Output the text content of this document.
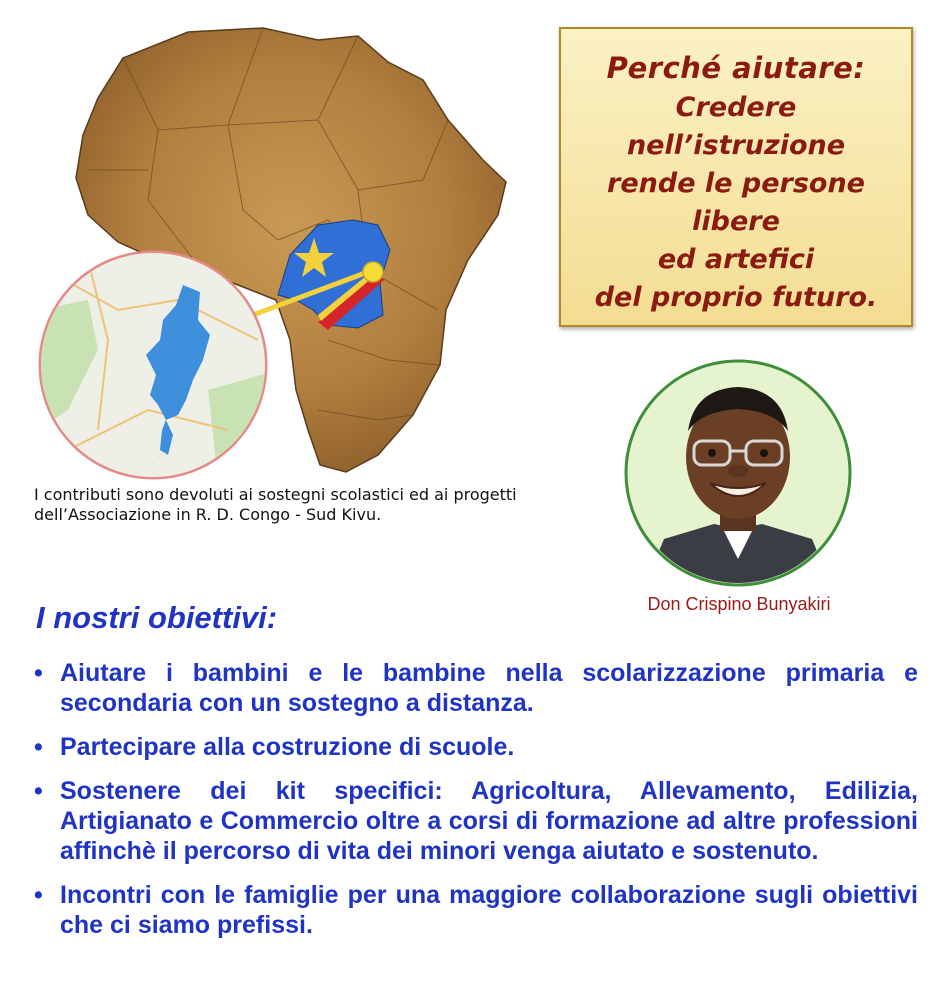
·
·
·
·
·
·
·
·
I contributi sono devoluti ai sostegni scolastici ed ai progetti dell’Associazione in R. D. Congo - Sud Kivu.
Perché aiutare:
Credere
nell’istruzione
rende le persone
libere
ed artefici
del proprio futuro.
Don Crispino Bunyakiri
I nostri obiettivi:
• Aiutare i bambini e le bambine nella scolarizzazione primaria e secondaria con un sostegno a distanza.
• Partecipare alla costruzione di scuole.
• Sostenere dei kit specifici: Agricoltura, Allevamento, Edilizia, Artigianato e Commercio oltre a corsi di formazione ad altre professioni affinchè il percorso di vita dei minori venga aiutato e sostenuto.
• Incontri con le famiglie per una maggiore collaborazione sugli obiettivi che ci siamo prefissi.
